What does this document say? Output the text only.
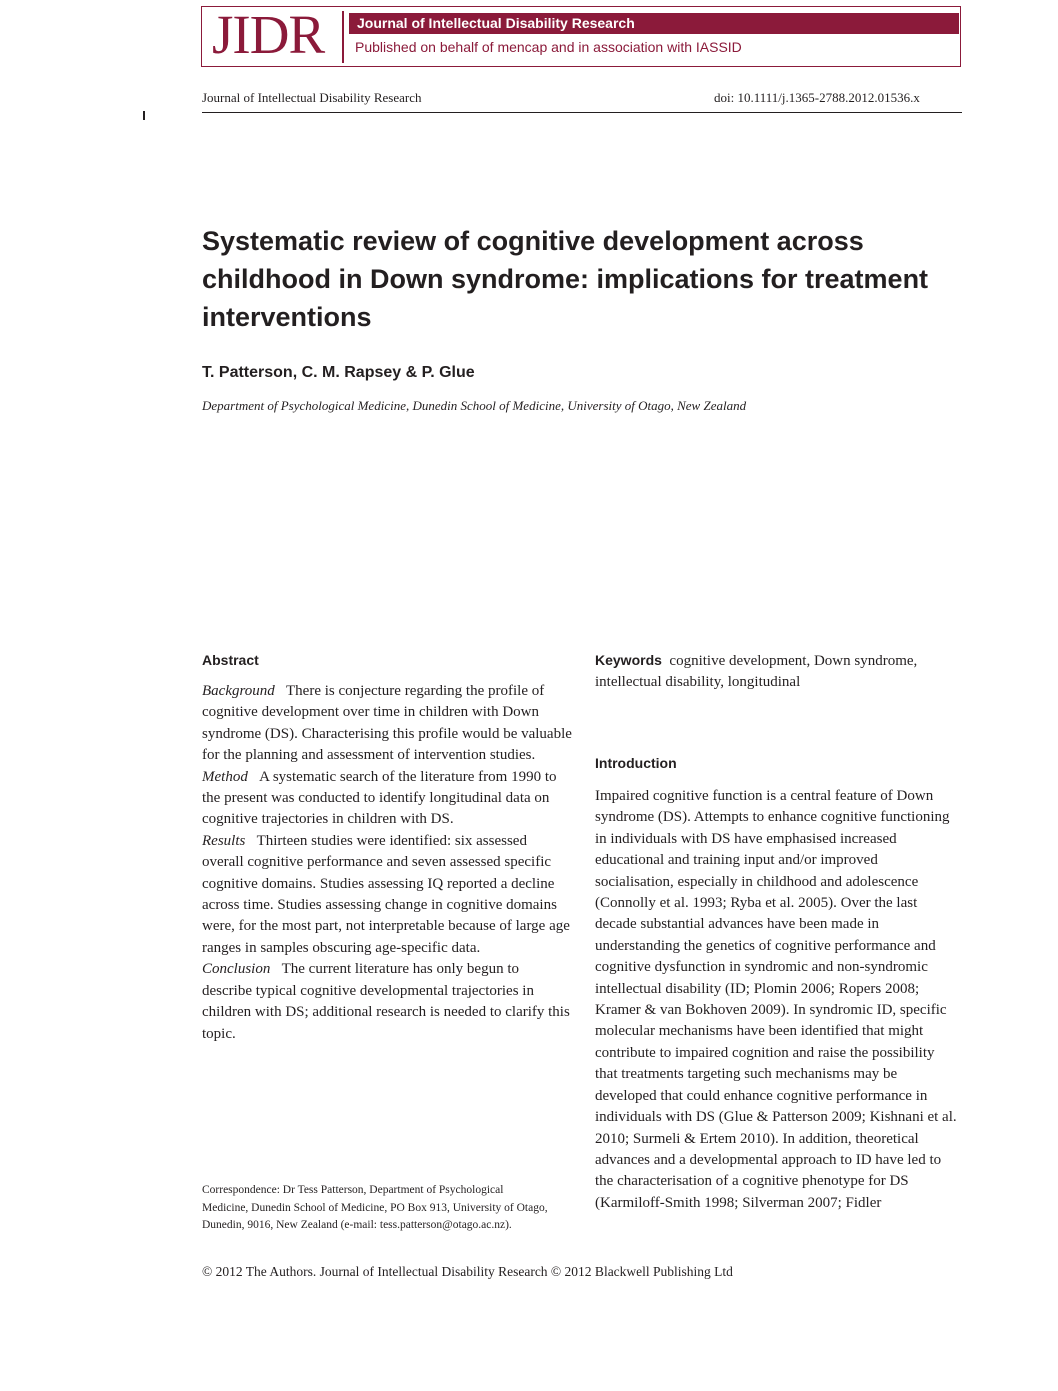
JIDR Journal of Intellectual Disability Research
Published on behalf of mencap and in association with IASSID
Journal of Intellectual Disability Research	doi: 10.1111/j.1365-2788.2012.01536.x
Systematic review of cognitive development across childhood in Down syndrome: implications for treatment interventions
T. Patterson, C. M. Rapsey & P. Glue
Department of Psychological Medicine, Dunedin School of Medicine, University of Otago, New Zealand
Abstract

Background There is conjecture regarding the profile of cognitive development over time in children with Down syndrome (DS). Characterising this profile would be valuable for the planning and assessment of intervention studies.

Method A systematic search of the literature from 1990 to the present was conducted to identify longitudinal data on cognitive trajectories in children with DS.

Results Thirteen studies were identified: six assessed overall cognitive performance and seven assessed specific cognitive domains. Studies assessing IQ reported a decline across time. Studies assessing change in cognitive domains were, for the most part, not interpretable because of large age ranges in samples obscuring age-specific data.

Conclusion The current literature has only begun to describe typical cognitive developmental trajectories in children with DS; additional research is needed to clarify this topic.

Keywords cognitive development, Down syndrome, intellectual disability, longitudinal
Introduction
Impaired cognitive function is a central feature of Down syndrome (DS). Attempts to enhance cognitive functioning in individuals with DS have emphasised increased educational and training input and/or improved socialisation, especially in childhood and adolescence (Connolly et al. 1993; Ryba et al. 2005). Over the last decade substantial advances have been made in understanding the genetics of cognitive performance and cognitive dysfunction in syndromic and non-syndromic intellectual disability (ID; Plomin 2006; Ropers 2008; Kramer & van Bokhoven 2009). In syndromic ID, specific molecular mechanisms have been identified that might contribute to impaired cognition and raise the possibility that treatments targeting such mechanisms may be developed that could enhance cognitive performance in individuals with DS (Glue & Patterson 2009; Kishnani et al. 2010; Surmeli & Ertem 2010). In addition, theoretical advances and a developmental approach to ID have led to the characterisation of a cognitive phenotype for DS (Karmiloff-Smith 1998; Silverman 2007; Fidler
Correspondence: Dr Tess Patterson, Department of Psychological Medicine, Dunedin School of Medicine, PO Box 913, University of Otago, Dunedin, 9016, New Zealand (e-mail: tess.patterson@otago.ac.nz).
© 2012 The Authors. Journal of Intellectual Disability Research © 2012 Blackwell Publishing Ltd
